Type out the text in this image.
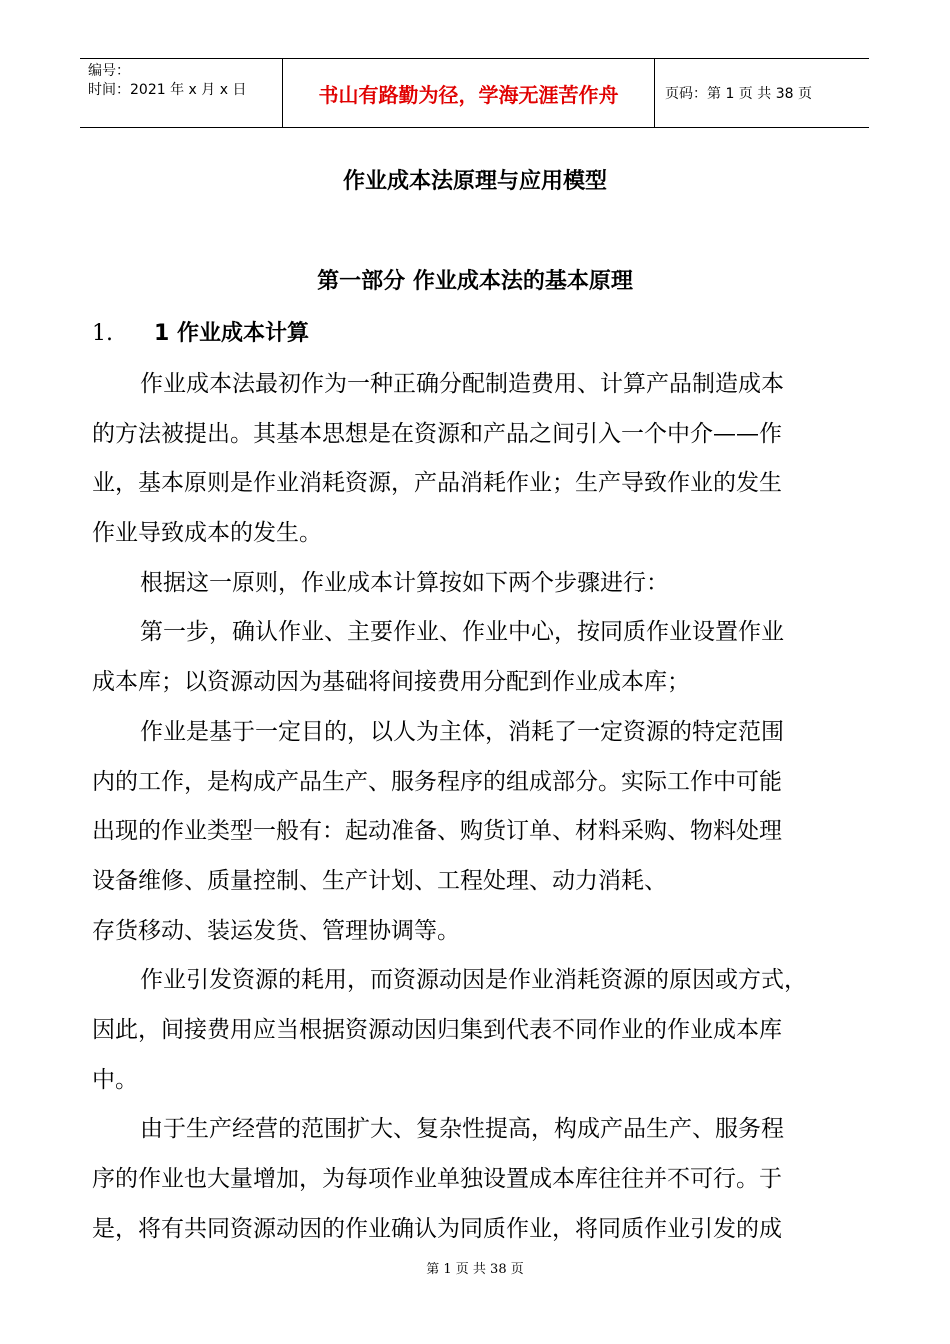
编号：
时间：2021 年 x 月 x 日	书山有路勤为径，学海无涯苦作舟	页码：第 1 页 共 38 页
作业成本法原理与应用模型
第一部分 作业成本法的基本原理
1. 1 作业成本计算
作业成本法最初作为一种正确分配制造费用、计算产品制造成本
的方法被提出。其基本思想是在资源和产品之间引入一个中介——作
业，基本原则是作业消耗资源，产品消耗作业；生产导致作业的发生
作业导致成本的发生。
根据这一原则，作业成本计算按如下两个步骤进行：
第一步，确认作业、主要作业、作业中心，按同质作业设置作业
成本库；以资源动因为基础将间接费用分配到作业成本库；
作业是基于一定目的，以人为主体，消耗了一定资源的特定范围
内的工作，是构成产品生产、服务程序的组成部分。实际工作中可能
出现的作业类型一般有：起动准备、购货订单、材料采购、物料处理
设备维修、质量控制、生产计划、工程处理、动力消耗、
存货移动、装运发货、管理协调等。
作业引发资源的耗用，而资源动因是作业消耗资源的原因或方式，
因此，间接费用应当根据资源动因归集到代表不同作业的作业成本库
中。
由于生产经营的范围扩大、复杂性提高，构成产品生产、服务程
序的作业也大量增加，为每项作业单独设置成本库往往并不可行。于
是，将有共同资源动因的作业确认为同质作业，将同质作业引发的成
第 1 页 共 38 页
